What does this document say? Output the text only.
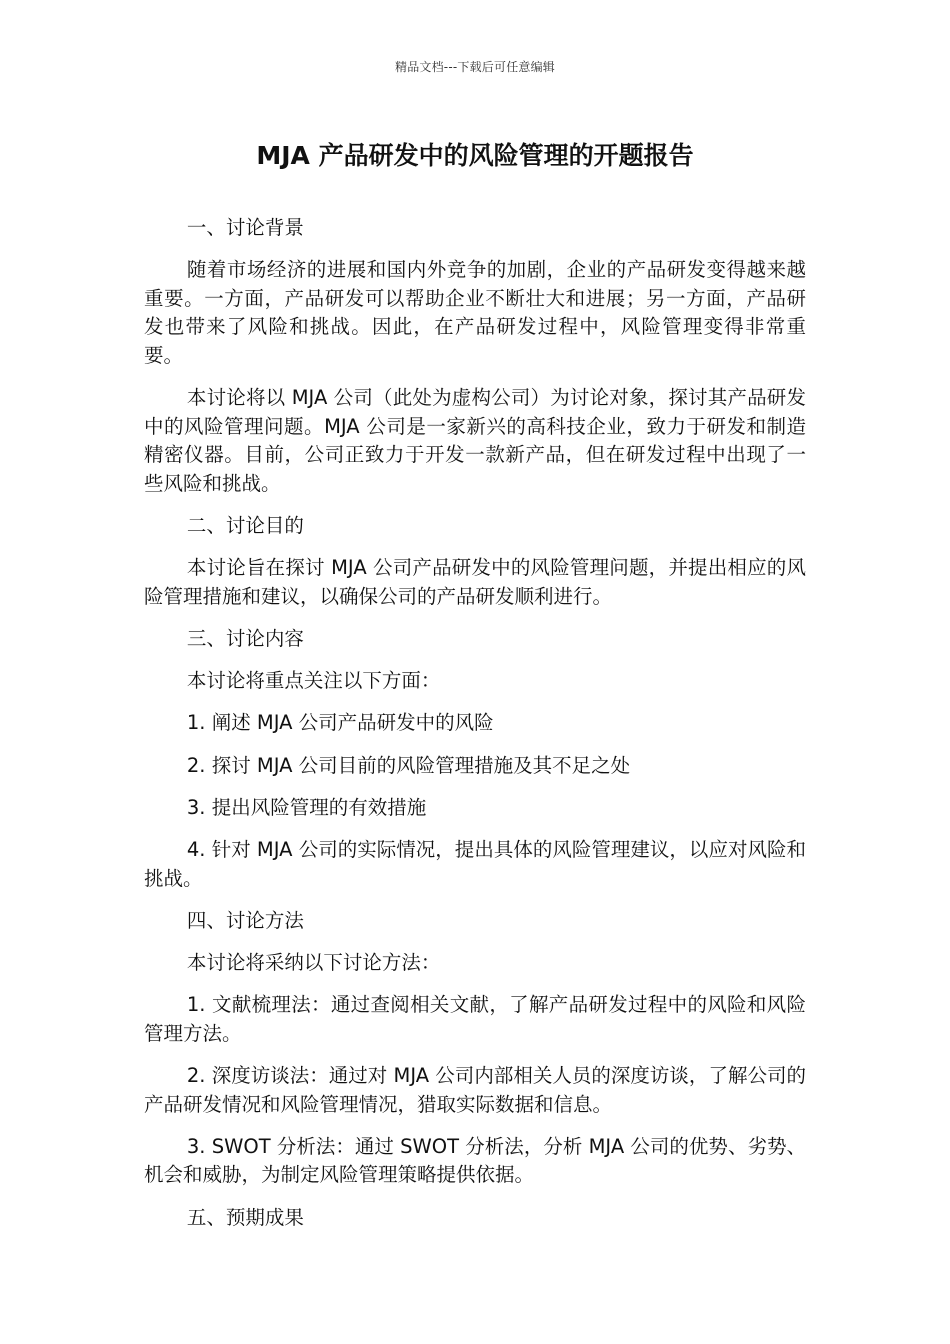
精品文档---下载后可任意编辑
MJA 产品研发中的风险管理的开题报告

一、讨论背景

随着市场经济的进展和国内外竞争的加剧，企业的产品研发变得越来越重要。一方面，产品研发可以帮助企业不断壮大和进展；另一方面，产品研发也带来了风险和挑战。因此，在产品研发过程中，风险管理变得非常重要。

本讨论将以 MJA 公司（此处为虚构公司）为讨论对象，探讨其产品研发中的风险管理问题。MJA 公司是一家新兴的高科技企业，致力于研发和制造精密仪器。目前，公司正致力于开发一款新产品，但在研发过程中出现了一些风险和挑战。

二、讨论目的

本讨论旨在探讨 MJA 公司产品研发中的风险管理问题，并提出相应的风险管理措施和建议，以确保公司的产品研发顺利进行。

三、讨论内容

本讨论将重点关注以下方面：

1. 阐述 MJA 公司产品研发中的风险

2. 探讨 MJA 公司目前的风险管理措施及其不足之处

3. 提出风险管理的有效措施

4. 针对 MJA 公司的实际情况，提出具体的风险管理建议，以应对风险和挑战。

四、讨论方法

本讨论将采纳以下讨论方法：

1. 文献梳理法：通过查阅相关文献，了解产品研发过程中的风险和风险管理方法。

2. 深度访谈法：通过对 MJA 公司内部相关人员的深度访谈，了解公司的产品研发情况和风险管理情况，猎取实际数据和信息。

3. SWOT 分析法：通过 SWOT 分析法，分析 MJA 公司的优势、劣势、机会和威胁，为制定风险管理策略提供依据。

五、预期成果
